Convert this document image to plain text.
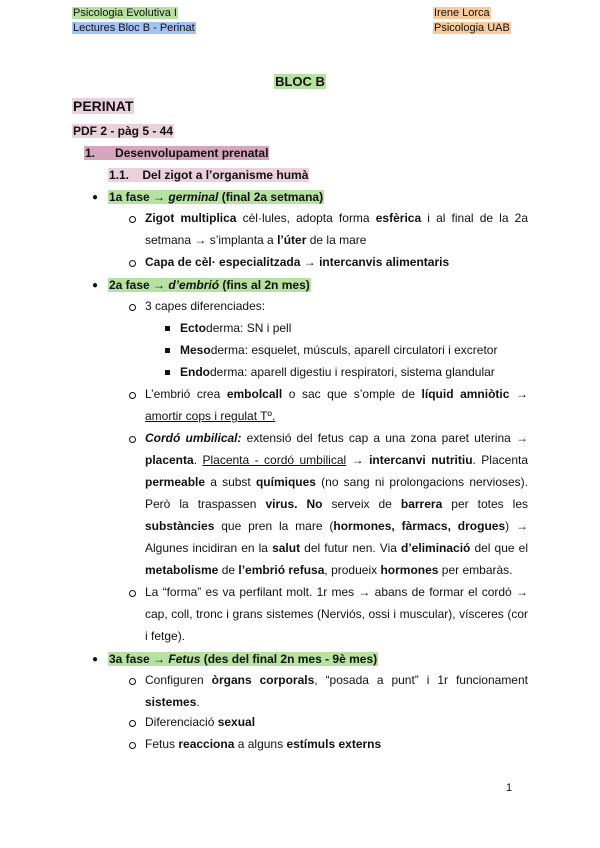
Psicologia Evolutiva I
Lectures Bloc B - Perinat
Irene Lorca
Psicologia UAB
BLOC B
PERINAT
PDF 2 - pàg 5 - 44
1. Desenvolupament prenatal
1.1. Del zigot a l’organisme humà
● 1a fase → germinal (final 2a setmana)

Zigot multiplica cèl·lules, adopta forma esfèrica i al final de la 2a setmana → s’implanta a l’úter de la mare

Capa de cèl· especialitzada → intercanvis alimentaris

● 2a fase → d’embrió (fins al 2n mes)

3 capes diferenciades:

Ectoderma: SN i pell

Mesoderma: esquelet, músculs, aparell circulatori i excretor

Endoderma: aparell digestiu i respiratori, sistema glandular

L’embrió crea embolcall o sac que s’omple de líquid amniòtic → amortir cops i regulat Tº.

Cordó umbilical: extensió del fetus cap a una zona paret uterina → placenta. Placenta - cordó umbilical → intercanvi nutritiu. Placenta permeable a subst químiques (no sang ni prolongacions nervioses). Però la traspassen virus. No serveix de barrera per totes les substàncies que pren la mare (hormones, fàrmacs, drogues) → Algunes incidiran en la salut del futur nen. Via d’eliminació del que el metabolisme de l’embrió refusa, produeix hormones per embaràs.

La “forma” es va perfilant molt. 1r mes → abans de formar el cordó → cap, coll, tronc i grans sistemes (Nerviós, ossi i muscular), vísceres (cor i fetge).

● 3a fase → Fetus (des del final 2n mes - 9è mes)

Configuren òrgans corporals, “posada a punt” i 1r funcionament sistemes.

Diferenciació sexual

Fetus reacciona a alguns estímuls externs

1
